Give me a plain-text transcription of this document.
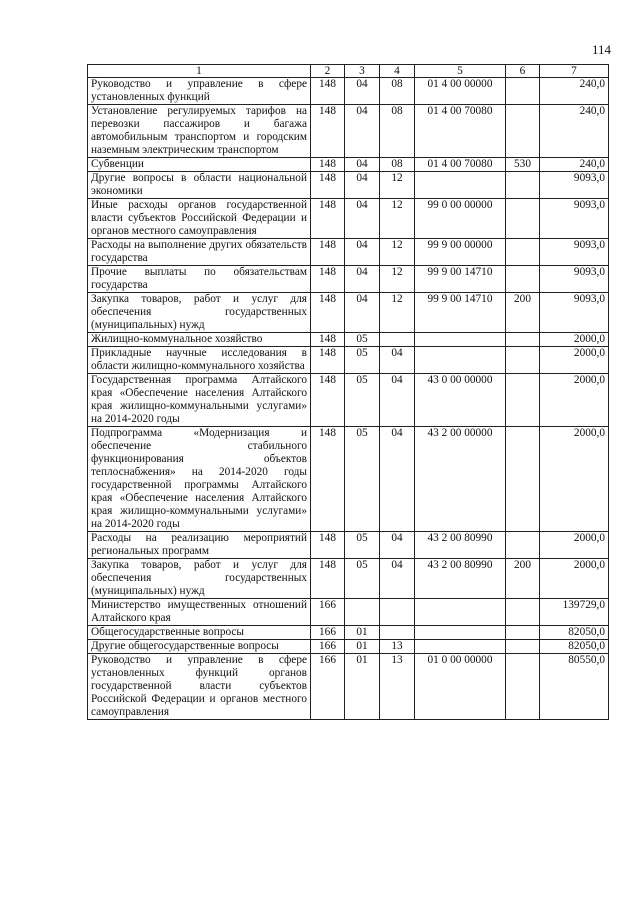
114
1	2	3	4	5	6	7
Руководство и управление в сфере установленных функций	148	04	08	01 4 00 00000		240,0
Установление регулируемых тарифов на перевозки пассажиров и багажа автомобильным транспортом и городским наземным электрическим транспортом	148	04	08	01 4 00 70080		240,0
Субвенции	148	04	08	01 4 00 70080	530	240,0
Другие вопросы в области национальной экономики	148	04	12			9093,0
Иные расходы органов государственной власти субъектов Российской Федерации и органов местного самоуправления	148	04	12	99 0 00 00000		9093,0
Расходы на выполнение других обязательств государства	148	04	12	99 9 00 00000		9093,0
Прочие выплаты по обязательствам государства	148	04	12	99 9 00 14710		9093,0
Закупка товаров, работ и услуг для обеспечения государственных (муниципальных) нужд	148	04	12	99 9 00 14710	200	9093,0
Жилищно-коммунальное хозяйство	148	05				2000,0
Прикладные научные исследования в области жилищно-коммунального хозяйства	148	05	04			2000,0
Государственная программа Алтайского края «Обеспечение населения Алтайского края жилищно-коммунальными услугами» на 2014-2020 годы	148	05	04	43 0 00 00000		2000,0
Подпрограмма «Модернизация и обеспечение стабильного функционирования объектов теплоснабжения» на 2014-2020 годы государственной программы Алтайского края «Обеспечение населения Алтайского края жилищно-коммунальными услугами» на 2014-2020 годы	148	05	04	43 2 00 00000		2000,0
Расходы на реализацию мероприятий региональных программ	148	05	04	43 2 00 80990		2000,0
Закупка товаров, работ и услуг для обеспечения государственных (муниципальных) нужд	148	05	04	43 2 00 80990	200	2000,0
Министерство имущественных отношений Алтайского края	166					139729,0
Общегосударственные вопросы	166	01				82050,0
Другие общегосударственные вопросы	166	01	13			82050,0
Руководство и управление в сфере установленных функций органов государственной власти субъектов Российской Федерации и органов местного самоуправления	166	01	13	01 0 00 00000		80550,0
